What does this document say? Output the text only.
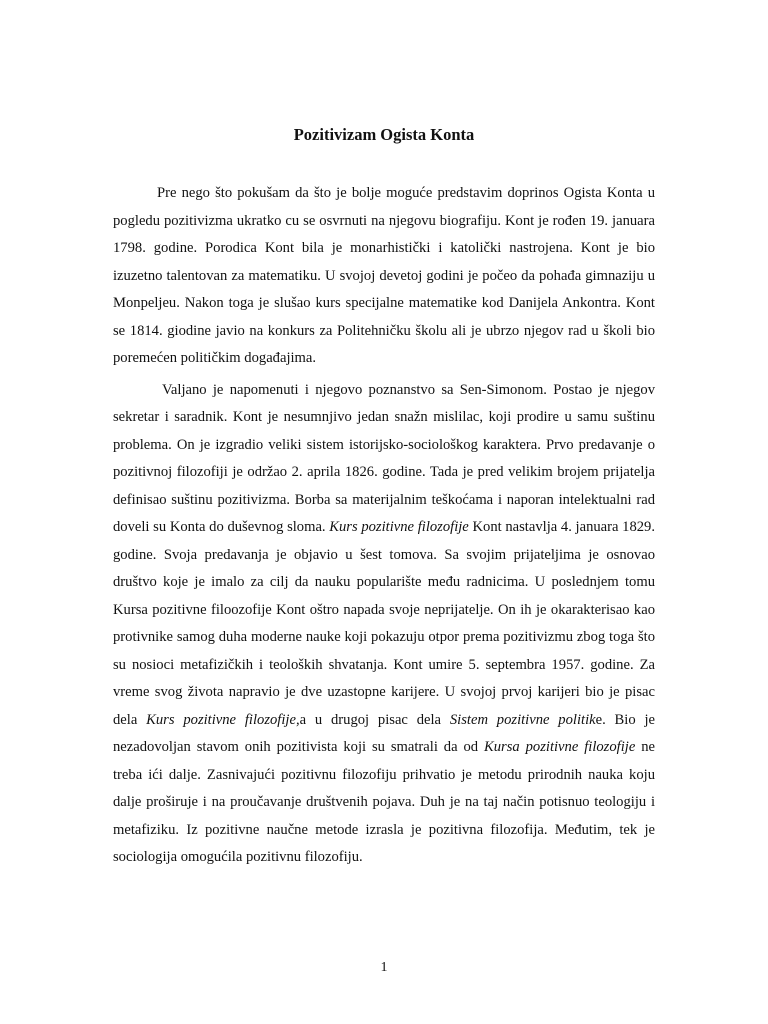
Pozitivizam Ogista Konta

Pre nego što pokušam da što je bolje moguće predstavim doprinos Ogista Konta u pogledu pozitivizma ukratko cu se osvrnuti na njegovu biografiju. Kont je rođen 19. januara 1798. godine. Porodica Kont bila je monarhistički i katolički nastrojena. Kont je bio izuzetno talentovan za matematiku. U svojoj devetoj godini je počeo da pohađa gimnaziju u Monpeljeu. Nakon toga je slušao kurs specijalne matematike kod Danijela Ankontra. Kont se 1814. giodine javio na konkurs za Politehničku školu ali je ubrzo njegov rad u školi bio poremećen političkim događajima.

Valjano je napomenuti i njegovo poznanstvo sa Sen-Simonom. Postao je njegov sekretar i saradnik. Kont je nesumnjivo jedan snažn mislilac, koji prodire u samu suštinu problema. On je izgradio veliki sistem istorijsko-sociološkog karaktera. Prvo predavanje o pozitivnoj filozofiji je održao 2. aprila 1826. godine. Tada je pred velikim brojem prijatelja definisao suštinu pozitivizma. Borba sa materijalnim teškoćama i naporan intelektualni rad doveli su Konta do duševnog sloma. Kurs pozitivne filozofije Kont nastavlja 4. januara 1829. godine. Svoja predavanja je objavio u šest tomova. Sa svojim prijateljima je osnovao društvo koje je imalo za cilj da nauku popularište među radnicima. U poslednjem tomu Kursa pozitivne filoozofije Kont oštro napada svoje neprijatelje. On ih je okarakterisao kao protivnike samog duha moderne nauke koji pokazuju otpor prema pozitivizmu zbog toga što su nosioci metafizičkih i teoloških shvatanja. Kont umire 5. septembra 1957. godine. Za vreme svog života napravio je dve uzastopne karijere. U svojoj prvoj karijeri bio je pisac dela Kurs pozitivne filozofije,a u drugoj pisac dela Sistem pozitivne politike. Bio je nezadovoljan stavom onih pozitivista koji su smatrali da od Kursa pozitivne filozofije ne treba ići dalje. Zasnivajući pozitivnu filozofiju prihvatio je metodu prirodnih nauka koju dalje proširuje i na proučavanje društvenih pojava. Duh je na taj način potisnuo teologiju i metafiziku. Iz pozitivne naučne metode izrasla je pozitivna filozofija. Međutim, tek je sociologija omogućila pozitivnu filozofiju.

1
